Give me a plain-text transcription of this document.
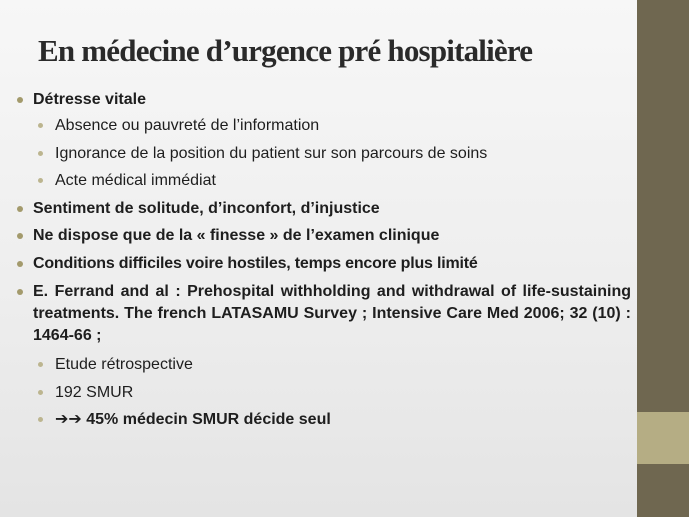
En médecine d’urgence pré hospitalière
Détresse vitale
Absence ou pauvreté de l’information
Ignorance de la position du patient sur son parcours de soins
Acte médical immédiat
Sentiment de solitude, d’inconfort, d’injustice
Ne dispose que de la « finesse » de l’examen clinique
Conditions difficiles voire hostiles, temps encore plus limité
E. Ferrand and al : Prehospital withholding and withdrawal of life-sustaining treatments. The french LATASAMU Survey ; Intensive Care Med 2006; 32 (10) : 1464-66 ;
Etude rétrospective
192 SMUR
➔➔ 45% médecin SMUR décide seul
